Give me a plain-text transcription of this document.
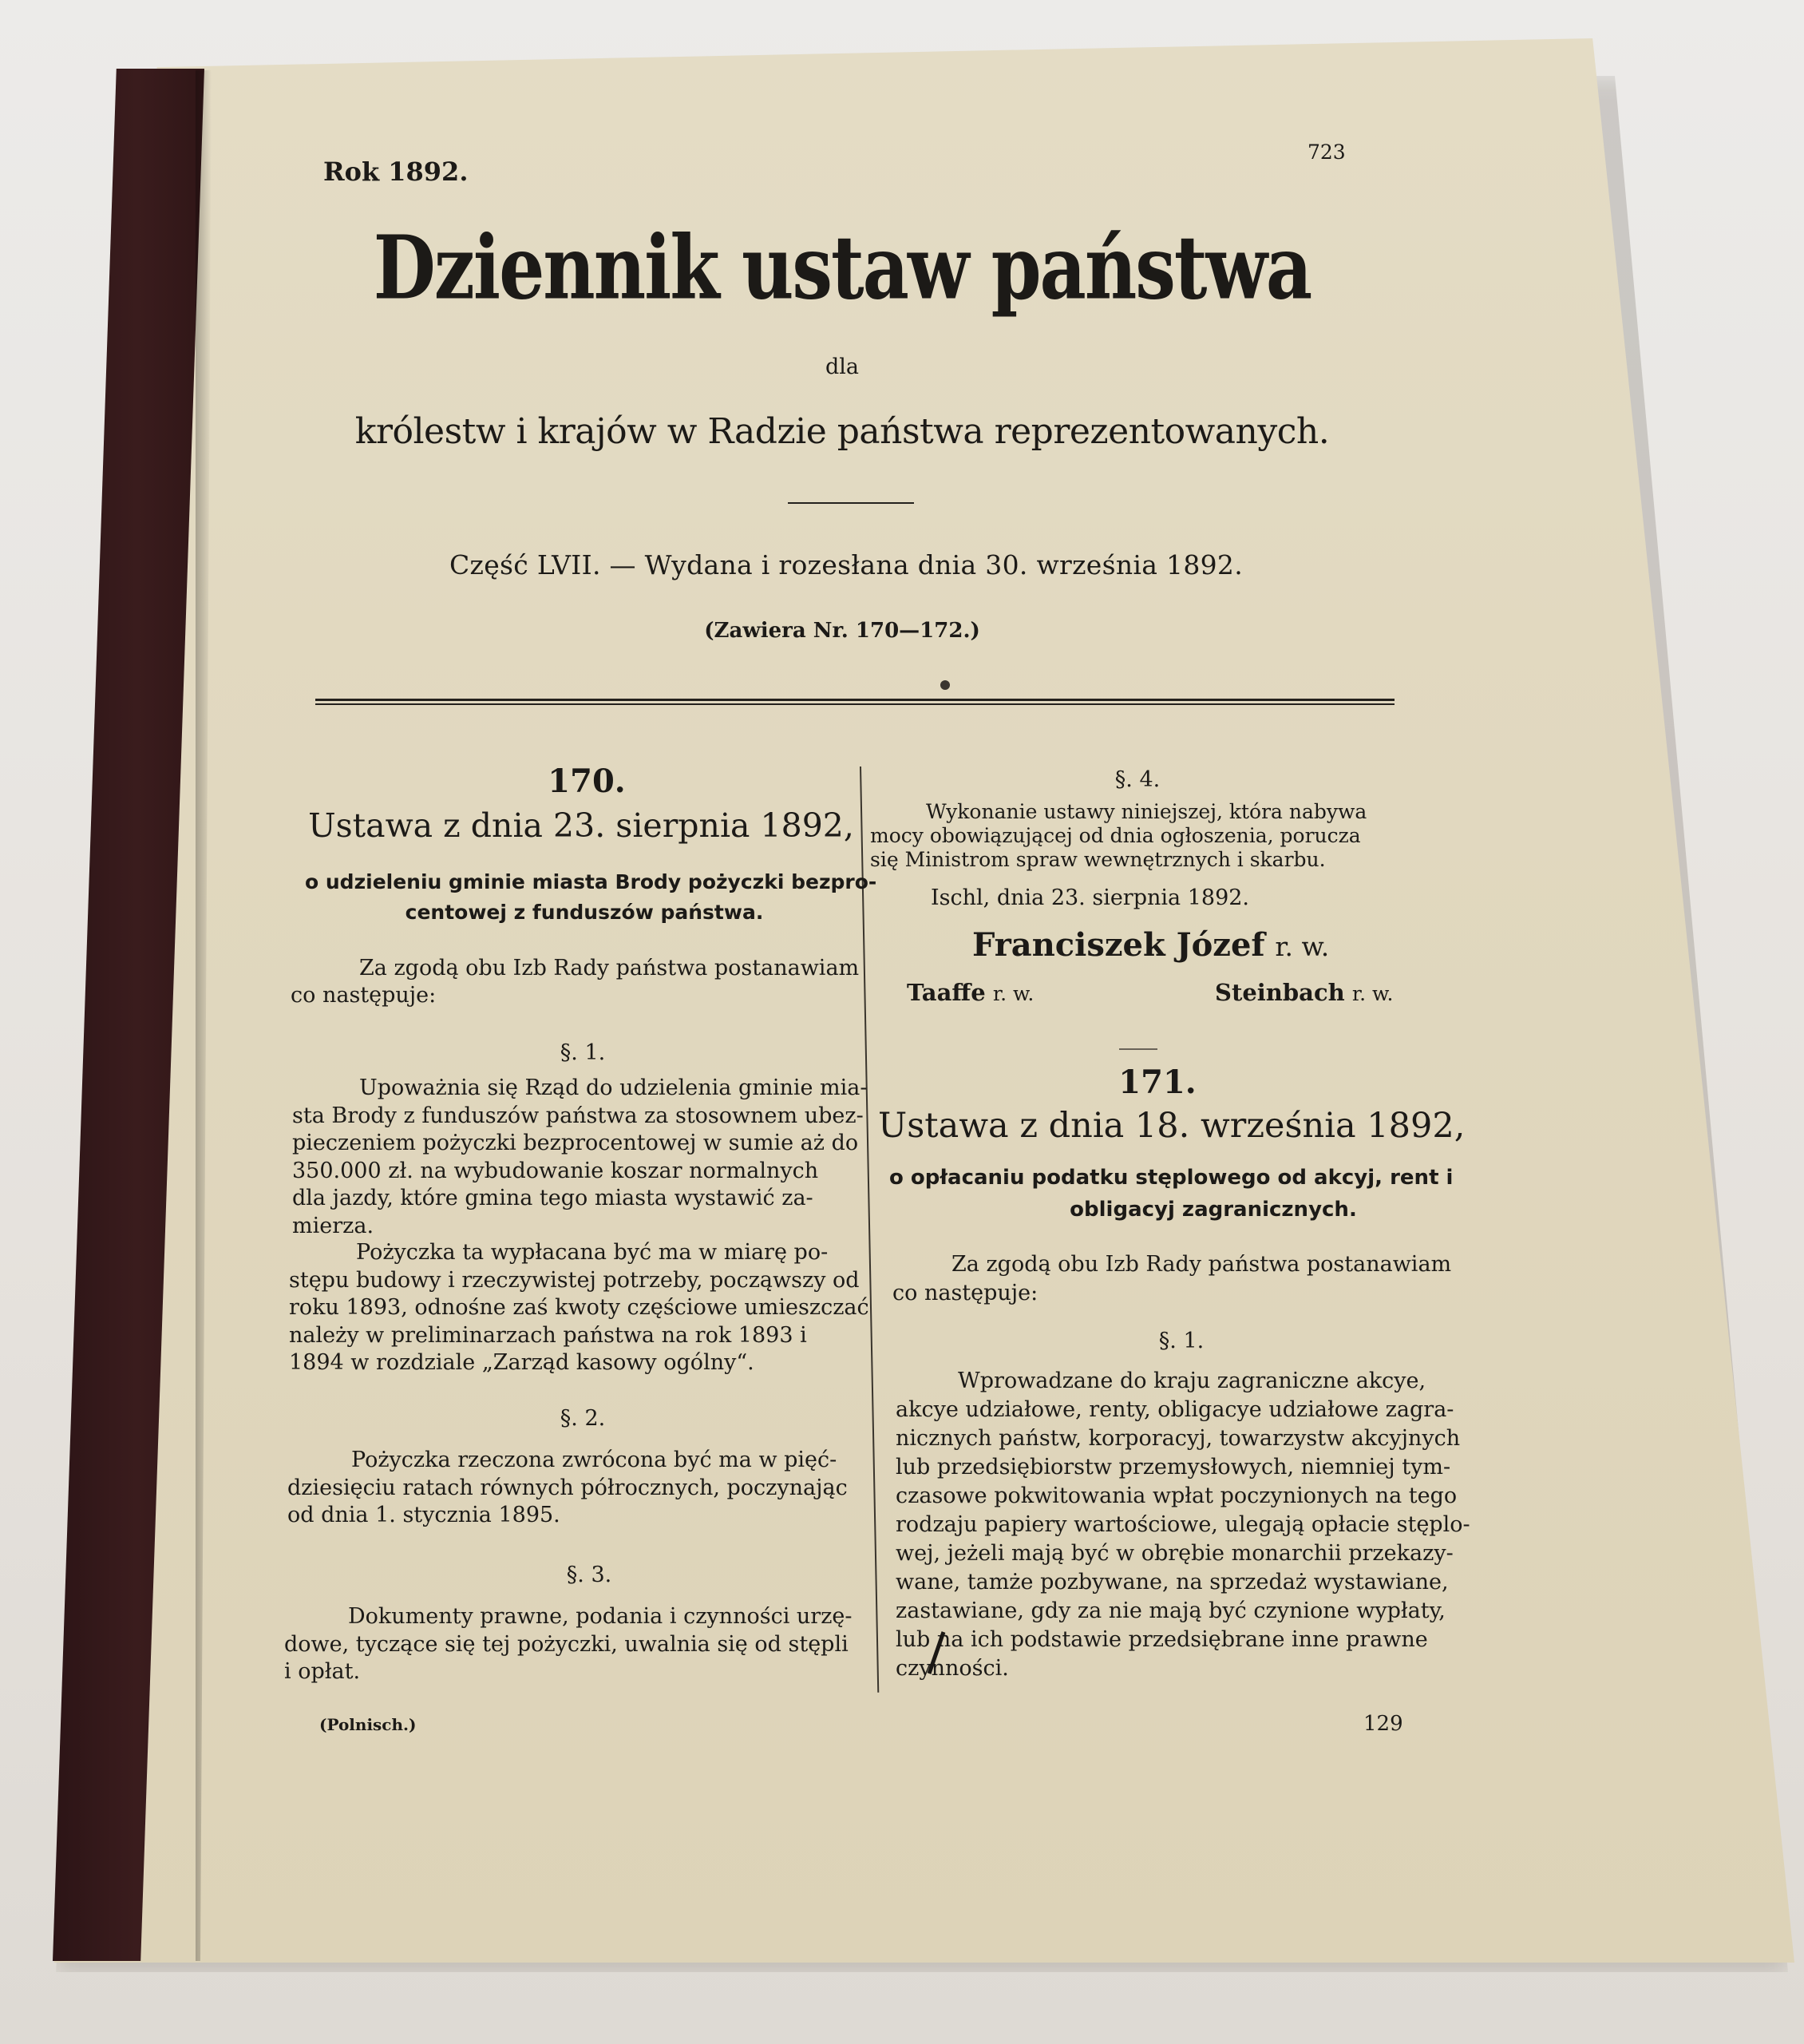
Rok 1892.
723
Dziennik ustaw państwa
dla
królestw i krajów w Radzie państwa reprezentowanych.
Część LVII. — Wydana i rozesłana dnia 30. września 1892.
(Zawiera Nr. 170—172.)
170.
Ustawa z dnia 23. sierpnia 1892,
o udzieleniu gminie miasta Brody pożyczki bezpro-
centowej z funduszów państwa.
Za zgodą obu Izb Rady państwa postanawiam
co następuje:
§. 1.
Upoważnia się Rząd do udzielenia gminie mia-
sta Brody z funduszów państwa za stosownem ubez-
pieczeniem pożyczki bezprocentowej w sumie aż do
350.000 zł. na wybudowanie koszar normalnych
dla jazdy, które gmina tego miasta wystawić za-
mierza.
Pożyczka ta wypłacana być ma w miarę po-
stępu budowy i rzeczywistej potrzeby, począwszy od
roku 1893, odnośne zaś kwoty częściowe umieszczać
należy w preliminarzach państwa na rok 1893 i
1894 w rozdziale „Zarząd kasowy ogólny“.
§. 2.
Pożyczka rzeczona zwrócona być ma w pięć-
dziesięciu ratach równych półrocznych, poczynając
od dnia 1. stycznia 1895.
§. 3.
Dokumenty prawne, podania i czynności urzę-
dowe, tyczące się tej pożyczki, uwalnia się od stępli
i opłat.
§. 4.
Wykonanie ustawy niniejszej, która nabywa
mocy obowiązującej od dnia ogłoszenia, porucza
się Ministrom spraw wewnętrznych i skarbu.
Ischl, dnia 23. sierpnia 1892.
Franciszek Józef r. w.
Taaffe r. w.	Steinbach r. w.
171.
Ustawa z dnia 18. września 1892,
o opłacaniu podatku stęplowego od akcyj, rent i
obligacyj zagranicznych.
Za zgodą obu Izb Rady państwa postanawiam
co następuje:
§. 1.
Wprowadzane do kraju zagraniczne akcye,
akcye udziałowe, renty, obligacye udziałowe zagra-
nicznych państw, korporacyj, towarzystw akcyjnych
lub przedsiębiorstw przemysłowych, niemniej tym-
czasowe pokwitowania wpłat poczynionych na tego
rodzaju papiery wartościowe, ulegają opłacie stęplo-
wej, jeżeli mają być w obrębie monarchii przekazy-
wane, tamże pozbywane, na sprzedaż wystawiane,
zastawiane, gdy za nie mają być czynione wypłaty,
lub na ich podstawie przedsiębrane inne prawne
czynności.
(Polnisch.)	129
